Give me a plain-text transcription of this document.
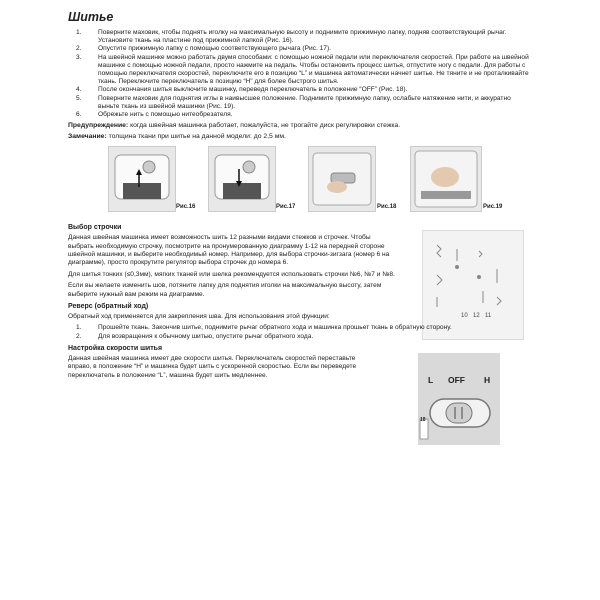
Шитье
1.	Поверните маховик, чтобы поднять иголку на максимальную высоту и поднимите прижимную лапку, подняв соответствующий рычаг. Установите ткань на пластине под прижимной лапкой (Рис. 16).
2.	Опустите прижимную лапку с помощью соответствующего рычага (Рис. 17).
3.	На швейной машинке можно работать двумя способами: с помощью ножной педали или переключателя скоростей. При работе на швейной машинке с помощью ножной педали, просто нажмите на педаль. Чтобы остановить процесс шитья, отпустите ногу с педали. Для работы с помощью переключателя скоростей, переключите его в позицию “L” и машинка автоматически начнет шитье. Не тяните и не проталкивайте ткань. Переключите переключатель в позицию “H” для более быстрого шитья.
4.	После окончания шитья выключите машинку, переведя переключатель в положение “OFF” (Рис. 18).
5.	Поверните маховик для поднятия иглы в наивысшее положение. Поднимите прижимную лапку, ослабьте натяжение нити, и аккуратно выньте ткань из швейной машинки (Рис. 19).
6.	Обрежьте нить с помощью нитеобрезателя.
Предупреждение: когда швейная машинка работает, пожалуйста, не трогайте диск регулировки стежка.
Замечание: толщина ткани при шитье на данной модели: до 2,5 мм.
Рис.16	Рис.17	Рис.18	Рис.19
Выбор строчки

Данная швейная машинка имеет возможность шить 12 разными видами стежков и строчек. Чтобы выбрать необходимую строчку, посмотрите на пронумерованную диаграмму 1-12 на передней стороне швейной машинки, и выберите необходимый номер. Например, для выбора строчки-зигзага (номер 6 на диаграмме), просто прокрутите регулятор выбора строчек до номера 6.

Для шитья тонких (≤0,3мм), мягких тканей или шелка рекомендуется использовать строчки №6, №7 и №8.

Если вы желаете изменить шов, потяните лапку для поднятия иголки на максимальную высоту, затем выберите нужный вам режим на диаграмме.

10 12 11
Реверс (обратный ход)

Обратный ход применяется для закрепления шва. Для использования этой функции:

1.	Прошейте ткань. Закончив шитье, поднимите рычаг обратного хода и машинка прошьет ткань в обратную сторону.
2.	Для возвращения к обычному шитью, опустите рычаг обратного хода.
Настройка скорости шитья

Данная швейная машинка имеет две скорости шитья. Переключатель скоростей переставьте вправо, в положение “H” и машинка будет шить с ускоренной скоростью. Если вы переведете переключатель в положение “L”, машина будет шить медленнее.	L OFF H
18
